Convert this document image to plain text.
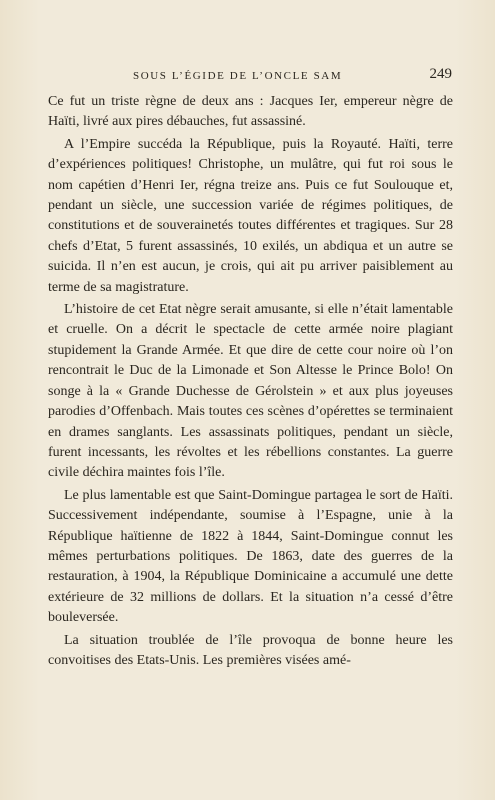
SOUS L’ÉGIDE DE L’ONCLE SAM	249

Ce fut un triste règne de deux ans : Jacques Ier, empereur nègre de Haïti, livré aux pires débauches, fut assassiné.

A l’Empire succéda la République, puis la Royauté. Haïti, terre d’expériences politiques! Christophe, un mulâtre, qui fut roi sous le nom capétien d’Henri Ier, régna treize ans. Puis ce fut Soulouque et, pendant un siècle, une succession variée de régimes politiques, de constitutions et de souverainetés toutes différentes et tragiques. Sur 28 chefs d’Etat, 5 furent assassinés, 10 exilés, un abdiqua et un autre se suicida. Il n’en est aucun, je crois, qui ait pu arriver paisiblement au terme de sa magistrature.

L’histoire de cet Etat nègre serait amusante, si elle n’était lamentable et cruelle. On a décrit le spectacle de cette armée noire plagiant stupidement la Grande Armée. Et que dire de cette cour noire où l’on rencontrait le Duc de la Limonade et Son Altesse le Prince Bolo! On songe à la « Grande Duchesse de Gérolstein » et aux plus joyeuses parodies d’Offenbach. Mais toutes ces scènes d’opérettes se terminaient en drames sanglants. Les assassinats politiques, pendant un siècle, furent incessants, les révoltes et les rébellions constantes. La guerre civile déchira maintes fois l’île.

Le plus lamentable est que Saint-Domingue partagea le sort de Haïti. Successivement indépendante, soumise à l’Espagne, unie à la République haïtienne de 1822 à 1844, Saint-Domingue connut les mêmes perturbations politiques. De 1863, date des guerres de la restauration, à 1904, la République Dominicaine a accumulé une dette extérieure de 32 millions de dollars. Et la situation n’a cessé d’être bouleversée.

La situation troublée de l’île provoqua de bonne heure les convoitises des Etats-Unis. Les premières visées amé-
